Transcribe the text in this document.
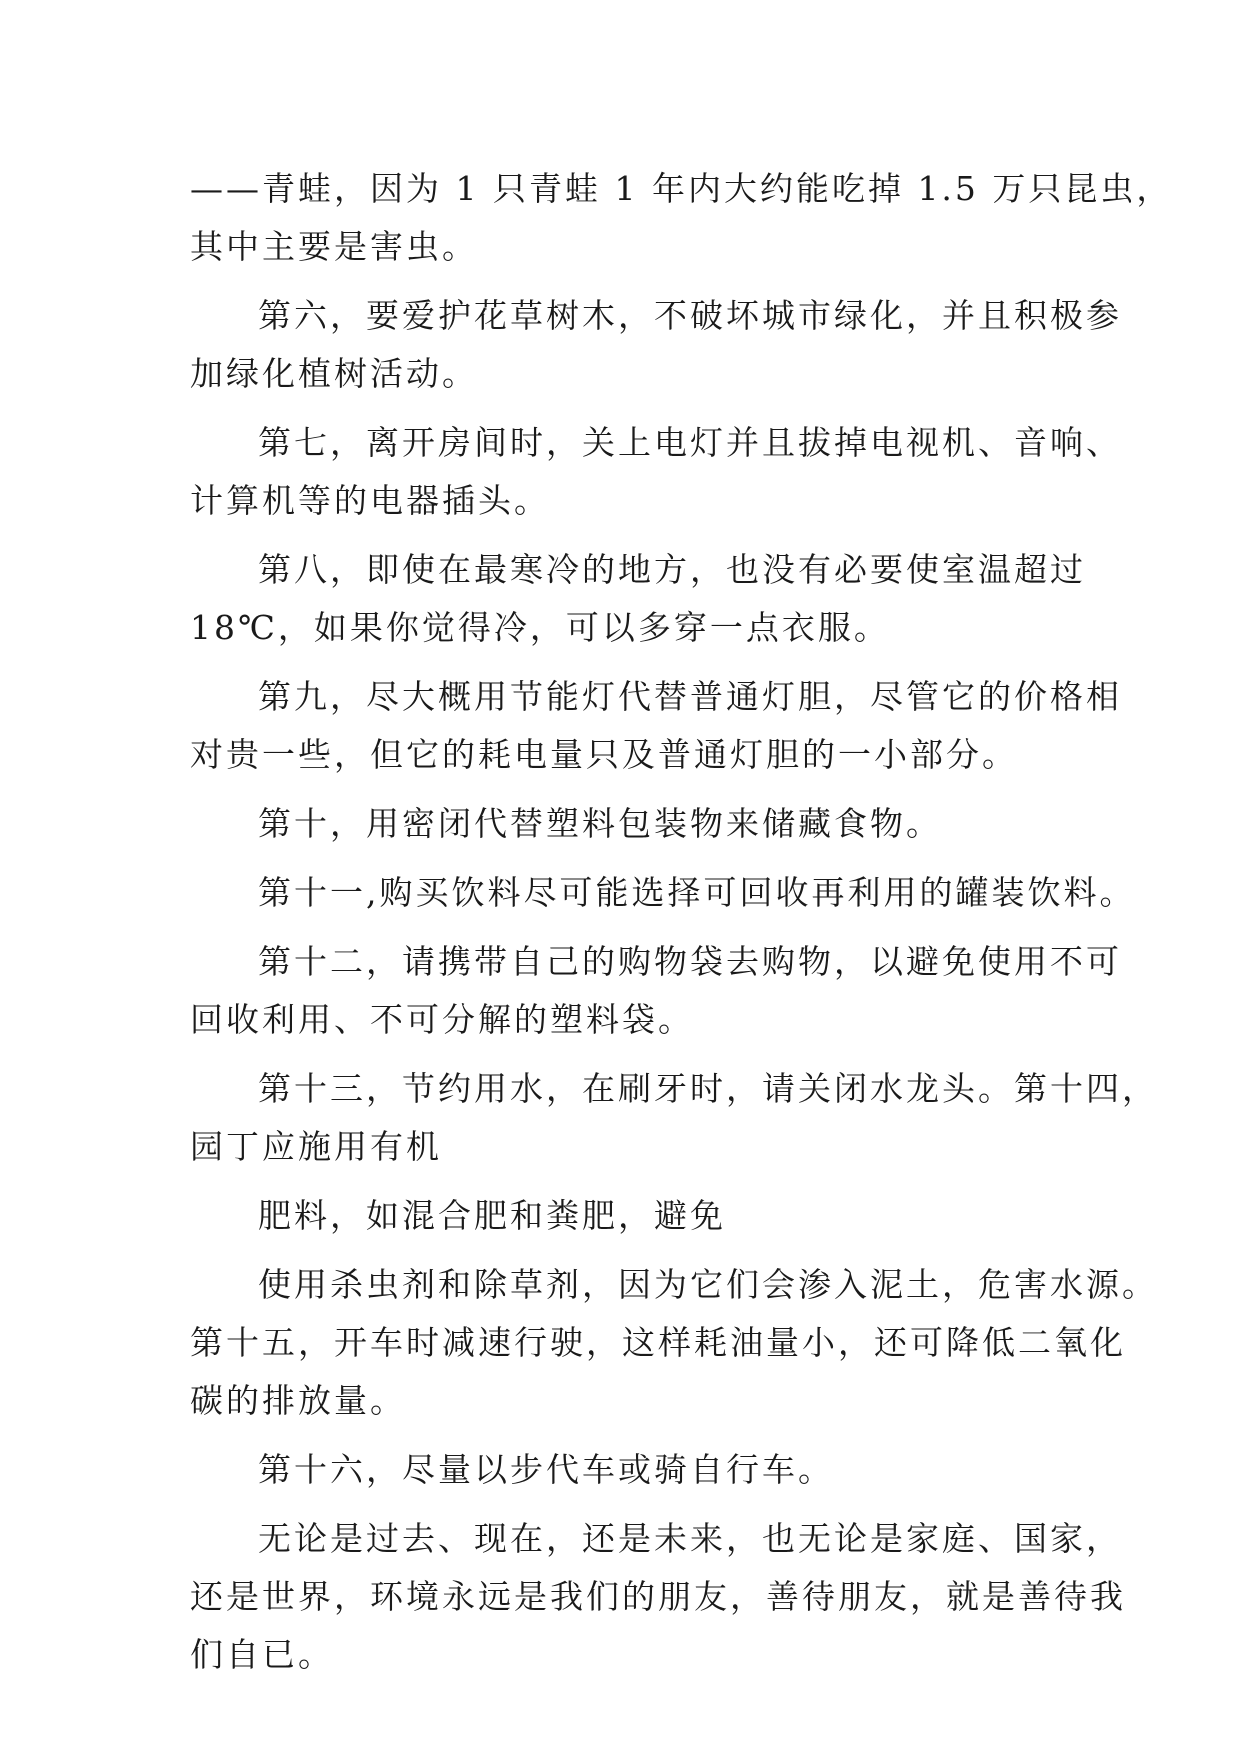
——青蛙，因为 1 只青蛙 1 年内大约能吃掉 1.5 万只昆虫，
其中主要是害虫。
第六，要爱护花草树木，不破坏城市绿化，并且积极参
加绿化植树活动。
第七，离开房间时，关上电灯并且拔掉电视机、音响、
计算机等的电器插头。
第八，即使在最寒冷的地方，也没有必要使室温超过
18℃，如果你觉得冷，可以多穿一点衣服。
第九，尽大概用节能灯代替普通灯胆，尽管它的价格相
对贵一些，但它的耗电量只及普通灯胆的一小部分。
第十，用密闭代替塑料包装物来储藏食物。
第十一,购买饮料尽可能选择可回收再利用的罐装饮料。
第十二，请携带自己的购物袋去购物，以避免使用不可
回收利用、不可分解的塑料袋。
第十三，节约用水，在刷牙时，请关闭水龙头。第十四，
园丁应施用有机
肥料，如混合肥和粪肥，避免
使用杀虫剂和除草剂，因为它们会渗入泥土，危害水源。
第十五，开车时减速行驶，这样耗油量小，还可降低二氧化
碳的排放量。
第十六，尽量以步代车或骑自行车。
无论是过去、现在，还是未来，也无论是家庭、国家，
还是世界，环境永远是我们的朋友，善待朋友，就是善待我
们自已。
